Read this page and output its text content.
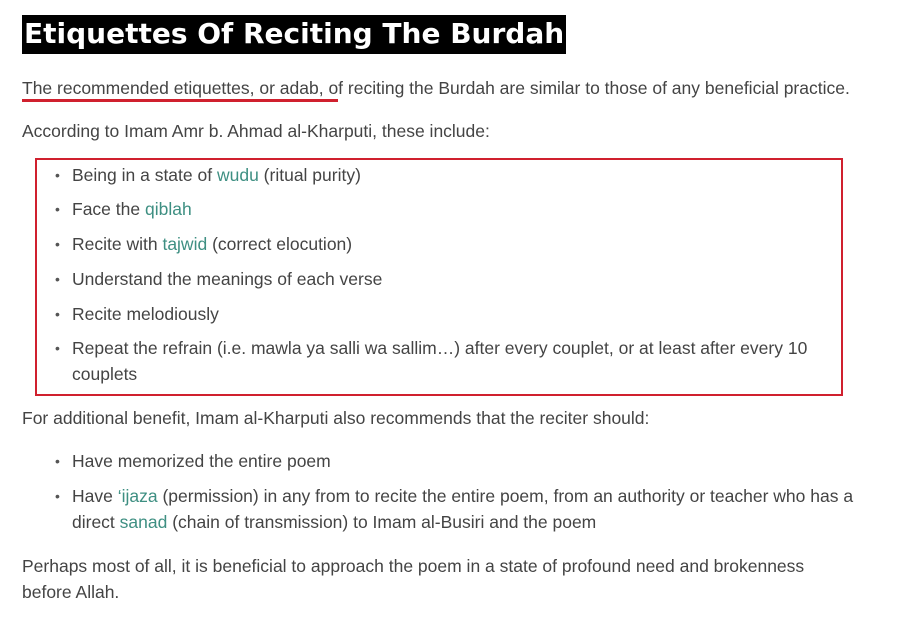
Etiquettes Of Reciting The Burdah
The recommended etiquettes, or adab, of reciting the Burdah are similar to those of any beneficial practice.
According to Imam Amr b. Ahmad al-Kharputi, these include:
• Being in a state of wudu (ritual purity)
• Face the qiblah
• Recite with tajwid (correct elocution)
• Understand the meanings of each verse
• Recite melodiously
• Repeat the refrain (i.e. mawla ya salli wa sallim…) after every couplet, or at least after every 10
couplets
For additional benefit, Imam al-Kharputi also recommends that the reciter should:
• Have memorized the entire poem
• Have ‘ijaza (permission) in any from to recite the entire poem, from an authority or teacher who has a
direct sanad (chain of transmission) to Imam al-Busiri and the poem
Perhaps most of all, it is beneficial to approach the poem in a state of profound need and brokenness
before Allah.
